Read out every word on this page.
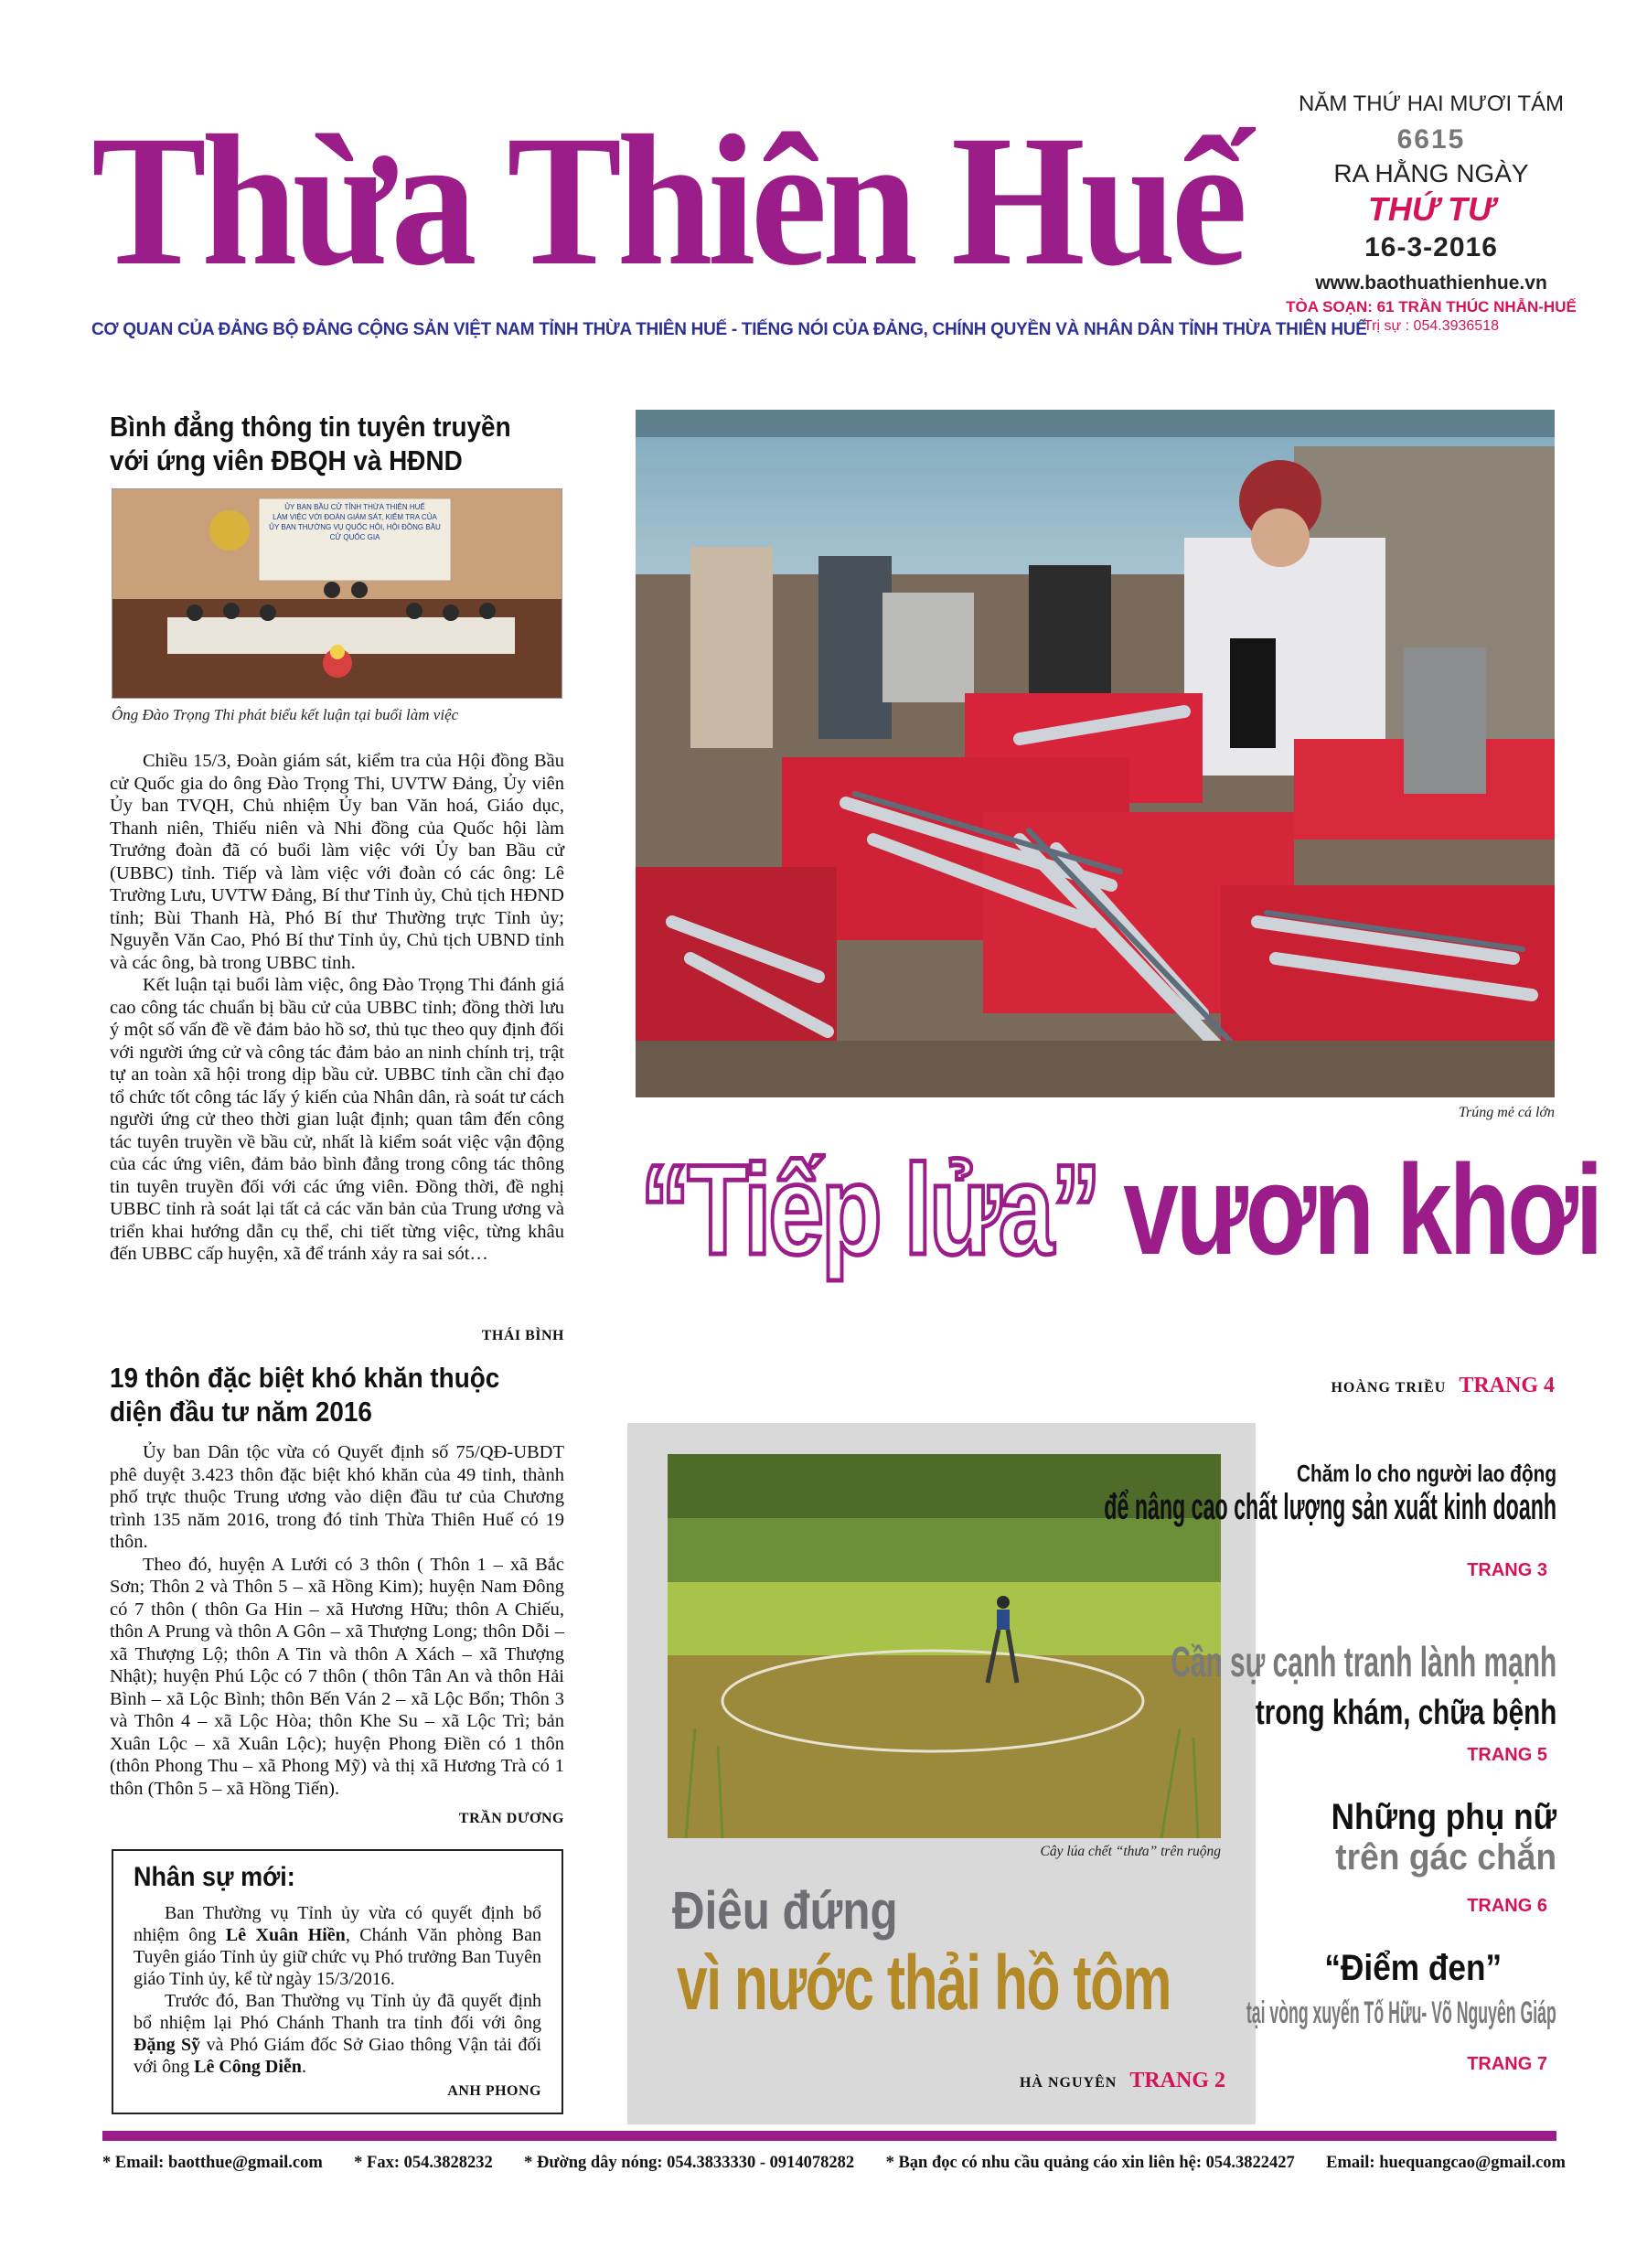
Thừa Thiên Huế	NĂM THỨ HAI MƯƠI TÁM
6615
RA HẰNG NGÀY
THỨ TƯ
16-3-2016
www.baothuathienhue.vn
TÒA SOẠN: 61 TRẦN THÚC NHẪN-HUẾ
Trị sự : 054.3936518
CƠ QUAN CỦA ĐẢNG BỘ ĐẢNG CỘNG SẢN VIỆT NAM TỈNH THỪA THIÊN HUẾ - TIẾNG NÓI CỦA ĐẢNG, CHÍNH QUYỀN VÀ NHÂN DÂN TỈNH THỪA THIÊN HUẾ
Bình đẳng thông tin tuyên truyền với ứng viên ĐBQH và HĐND
ỦY BAN BẦU CỬ TỈNH THỪA THIÊN HUẾ
LÀM VIỆC VỚI ĐOÀN GIÁM SÁT, KIỂM TRA CỦA ỦY BAN THƯỜNG VỤ QUỐC HỘI, HỘI ĐỒNG BẦU CỬ QUỐC GIA
Ông Đào Trọng Thi phát biểu kết luận tại buổi làm việc

Chiều 15/3, Đoàn giám sát, kiểm tra của Hội đồng Bầu cử Quốc gia do ông Đào Trọng Thi, UVTW Đảng, Ủy viên Ủy ban TVQH, Chủ nhiệm Ủy ban Văn hoá, Giáo dục, Thanh niên, Thiếu niên và Nhi đồng của Quốc hội làm Trưởng đoàn đã có buổi làm việc với Ủy ban Bầu cử (UBBC) tỉnh. Tiếp và làm việc với đoàn có các ông: Lê Trường Lưu, UVTW Đảng, Bí thư Tỉnh ủy, Chủ tịch HĐND tỉnh; Bùi Thanh Hà, Phó Bí thư Thường trực Tỉnh ủy; Nguyễn Văn Cao, Phó Bí thư Tỉnh ủy, Chủ tịch UBND tỉnh và các ông, bà trong UBBC tỉnh.

Kết luận tại buổi làm việc, ông Đào Trọng Thi đánh giá cao công tác chuẩn bị bầu cử của UBBC tỉnh; đồng thời lưu ý một số vấn đề về đảm bảo hồ sơ, thủ tục theo quy định đối với người ứng cử và công tác đảm bảo an ninh chính trị, trật tự an toàn xã hội trong dịp bầu cử. UBBC tỉnh cần chỉ đạo tổ chức tốt công tác lấy ý kiến của Nhân dân, rà soát tư cách người ứng cử theo thời gian luật định; quan tâm đến công tác tuyên truyền về bầu cử, nhất là kiểm soát việc vận động của các ứng viên, đảm bảo bình đẳng trong công tác thông tin tuyên truyền đối với các ứng viên. Đồng thời, đề nghị UBBC tỉnh rà soát lại tất cả các văn bản của Trung ương và triển khai hướng dẫn cụ thể, chi tiết từng việc, từng khâu đến UBBC cấp huyện, xã để tránh xảy ra sai sót…

THÁI BÌNH
19 thôn đặc biệt khó khăn thuộc diện đầu tư năm 2016

Ủy ban Dân tộc vừa có Quyết định số 75/QĐ-UBDT phê duyệt 3.423 thôn đặc biệt khó khăn của 49 tỉnh, thành phố trực thuộc Trung ương vào diện đầu tư của Chương trình 135 năm 2016, trong đó tỉnh Thừa Thiên Huế có 19 thôn.

Theo đó, huyện A Lưới có 3 thôn ( Thôn 1 – xã Bắc Sơn; Thôn 2 và Thôn 5 – xã Hồng Kim); huyện Nam Đông có 7 thôn ( thôn Ga Hin – xã Hương Hữu; thôn A Chiếu, thôn A Prung và thôn A Gôn – xã Thượng Long; thôn Dỗi – xã Thượng Lộ; thôn A Tin và thôn A Xách – xã Thượng Nhật); huyện Phú Lộc có 7 thôn ( thôn Tân An và thôn Hải Bình – xã Lộc Bình; thôn Bến Ván 2 – xã Lộc Bổn; Thôn 3 và Thôn 4 – xã Lộc Hòa; thôn Khe Su – xã Lộc Trì; bản Xuân Lộc – xã Xuân Lộc); huyện Phong Điền có 1 thôn (thôn Phong Thu – xã Phong Mỹ) và thị xã Hương Trà có 1 thôn (Thôn 5 – xã Hồng Tiến).

TRẦN DƯƠNG
Nhân sự mới:

Ban Thường vụ Tỉnh ủy vừa có quyết định bổ nhiệm ông Lê Xuân Hiền, Chánh Văn phòng Ban Tuyên giáo Tỉnh ủy giữ chức vụ Phó trưởng Ban Tuyên giáo Tỉnh ủy, kể từ ngày 15/3/2016.

Trước đó, Ban Thường vụ Tỉnh ủy đã quyết định bổ nhiệm lại Phó Chánh Thanh tra tỉnh đối với ông Đặng Sỹ và Phó Giám đốc Sở Giao thông Vận tải đối với ông Lê Công Diễn.

ANH PHONG
Trúng mẻ cá lớn
“Tiếp lửa” vươn khơi
HOÀNG TRIỀU TRANG 4
Cây lúa chết “thưa” trên ruộng
Điêu đứng
vì nước thải hồ tôm
HÀ NGUYÊN TRANG 2
Chăm lo cho người lao động
để nâng cao chất lượng sản xuất kinh doanh
TRANG 3
Cần sự cạnh tranh lành mạnh
trong khám, chữa bệnh
TRANG 5
Những phụ nữ
trên gác chắn
TRANG 6
“Điểm đen”
tại vòng xuyến Tố Hữu- Võ Nguyên Giáp
TRANG 7
* Email: baotthue@gmail.com * Fax: 054.3828232 * Đường dây nóng: 054.3833330 - 0914078282 * Bạn đọc có nhu cầu quảng cáo xin liên hệ: 054.3822427 Email: huequangcao@gmail.com
